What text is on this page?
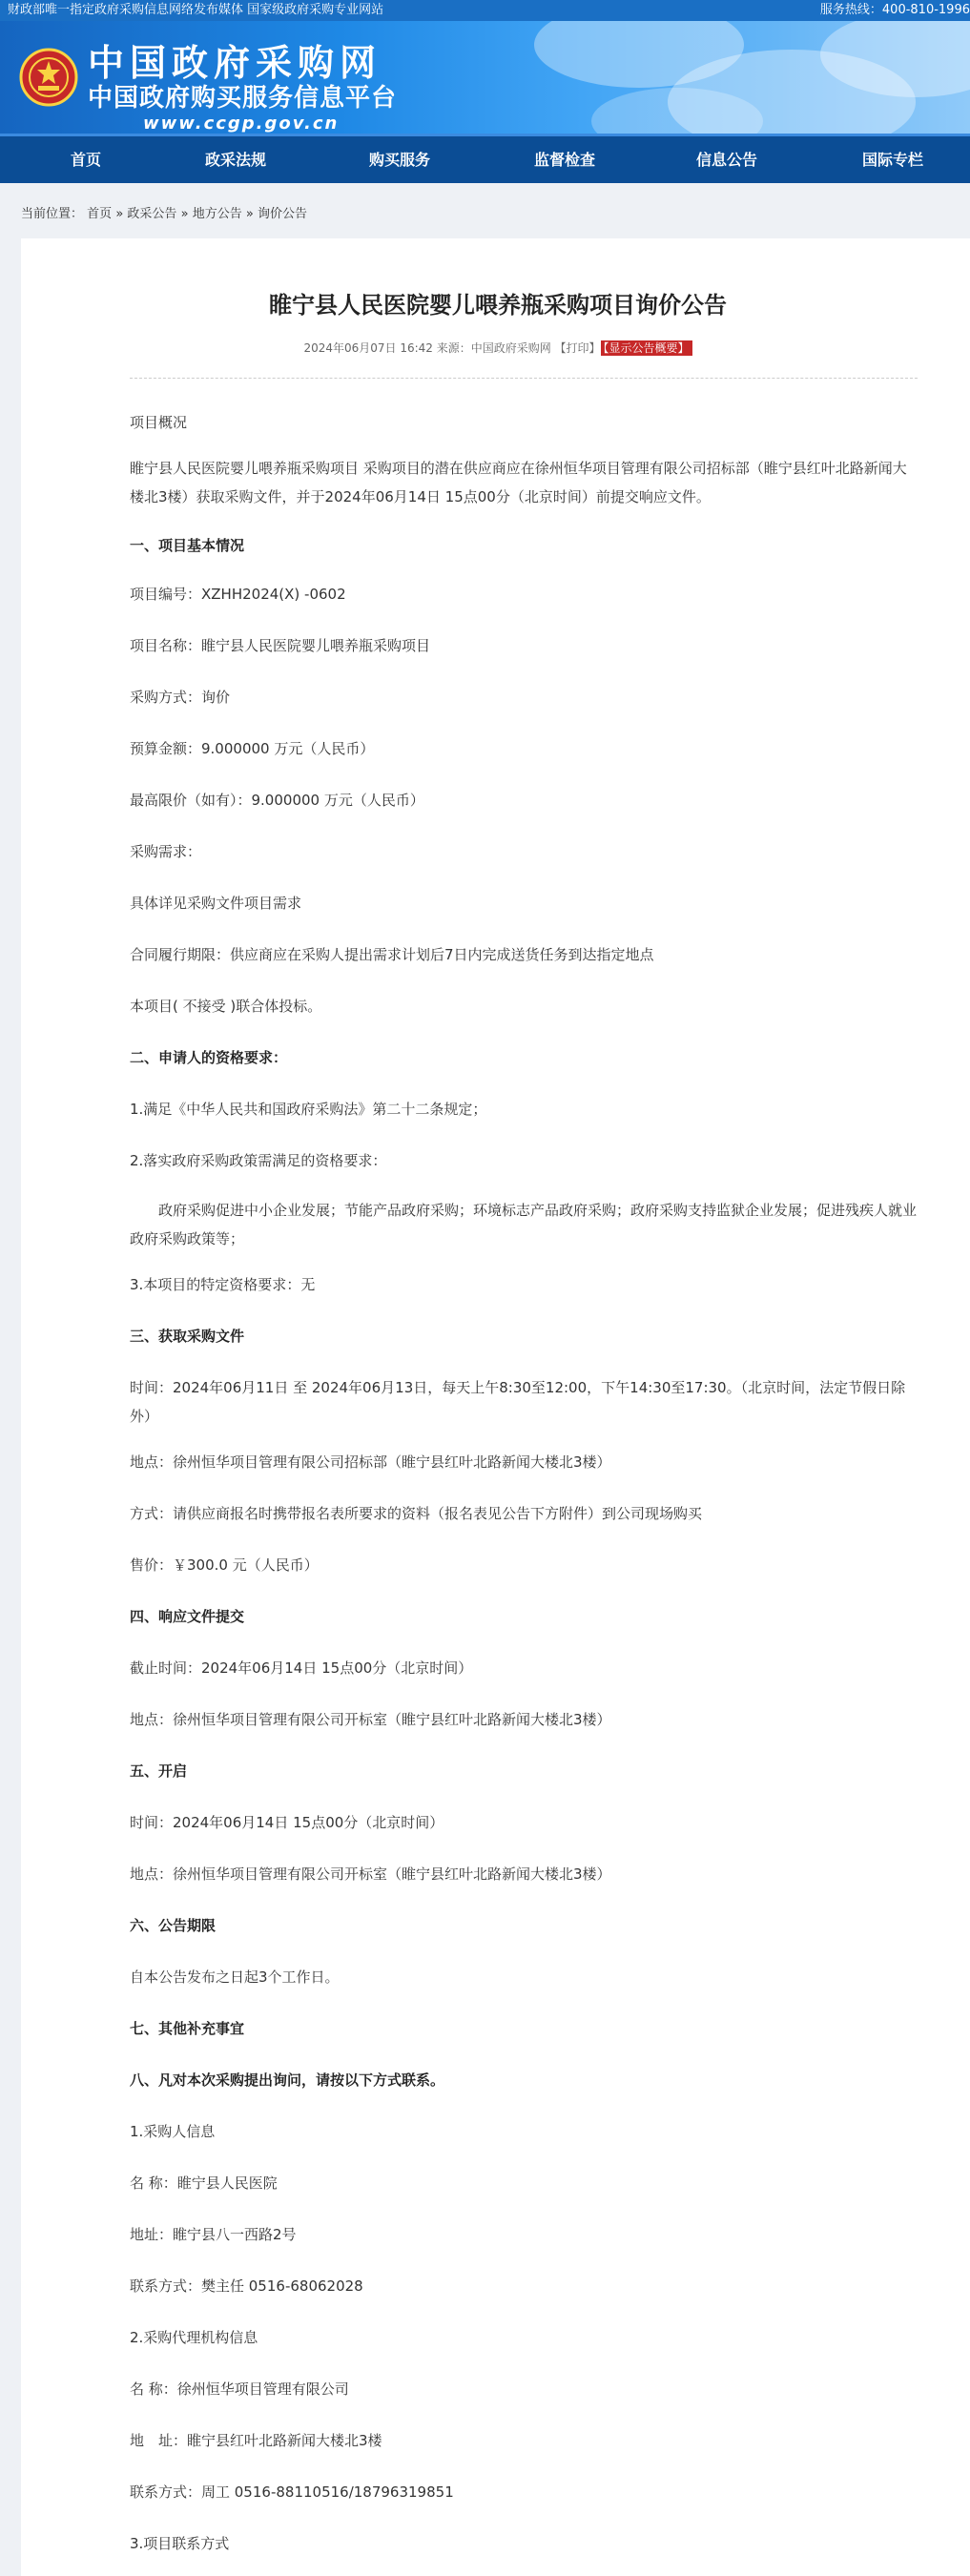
财政部唯一指定政府采购信息网络发布媒体 国家级政府采购专业网站	服务热线：400-810-1996
中国政府采购网
中国政府购买服务信息平台
www.ccgp.gov.cn
首页	政采法规	购买服务	监督检查	信息公告	国际专栏
当前位置： 首页 » 政采公告 » 地方公告 » 询价公告
睢宁县人民医院婴儿喂养瓶采购项目询价公告
2024年06月07日 16:42 来源：中国政府采购网 【打印】 【显示公告概要】
项目概况
睢宁县人民医院婴儿喂养瓶采购项目 采购项目的潜在供应商应在徐州恒华项目管理有限公司招标部（睢宁县红叶北路新闻大楼北3楼）获取采购文件，并于2024年06月14日 15点00分（北京时间）前提交响应文件。
一、项目基本情况
项目编号：XZHH2024(X) -0602
项目名称：睢宁县人民医院婴儿喂养瓶采购项目
采购方式：询价
预算金额：9.000000 万元（人民币）
最高限价（如有）：9.000000 万元（人民币）
采购需求：
具体详见采购文件项目需求
合同履行期限：供应商应在采购人提出需求计划后7日内完成送货任务到达指定地点
本项目( 不接受 )联合体投标。
二、申请人的资格要求：
1.满足《中华人民共和国政府采购法》第二十二条规定；
2.落实政府采购政策需满足的资格要求：
政府采购促进中小企业发展；节能产品政府采购；环境标志产品政府采购；政府采购支持监狱企业发展；促进残疾人就业政府采购政策等；
3.本项目的特定资格要求：无
三、获取采购文件
时间：2024年06月11日 至 2024年06月13日，每天上午8:30至12:00，下午14:30至17:30。（北京时间，法定节假日除外）
地点：徐州恒华项目管理有限公司招标部（睢宁县红叶北路新闻大楼北3楼）
方式：请供应商报名时携带报名表所要求的资料（报名表见公告下方附件）到公司现场购买
售价：￥300.0 元（人民币）
四、响应文件提交
截止时间：2024年06月14日 15点00分（北京时间）
地点：徐州恒华项目管理有限公司开标室（睢宁县红叶北路新闻大楼北3楼）
五、开启
时间：2024年06月14日 15点00分（北京时间）
地点：徐州恒华项目管理有限公司开标室（睢宁县红叶北路新闻大楼北3楼）
六、公告期限
自本公告发布之日起3个工作日。
七、其他补充事宜
八、凡对本次采购提出询问，请按以下方式联系。
1.采购人信息
名 称：睢宁县人民医院
地址：睢宁县八一西路2号
联系方式：樊主任 0516-68062028
2.采购代理机构信息
名 称：徐州恒华项目管理有限公司
地　址：睢宁县红叶北路新闻大楼北3楼
联系方式：周工 0516-88110516/18796319851
3.项目联系方式
